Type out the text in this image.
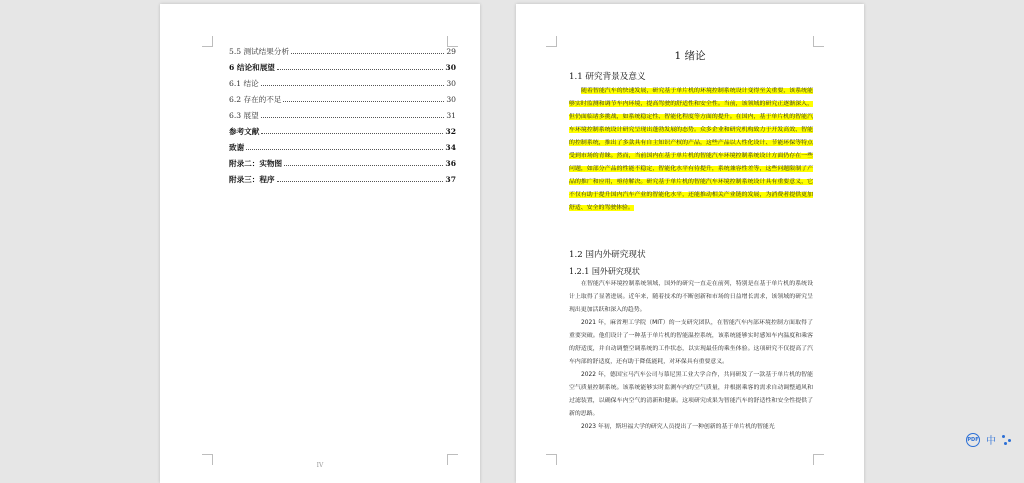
5.5 测试结果分析	29
6 结论和展望	30
6.1 结论	30
6.2 存在的不足	30
6.3 展望	31
参考文献	32
致谢	34
附录二：实物图	36
附录三：程序	37
IV
1 绪论
1.1 研究背景及意义

随着智能汽车的快速发展，研究基于单片机的环境控制系统设计变得至关重要，该系统能够实时监测和调节车内环境，提高驾驶的舒适性和安全性。当前，该领域的研究正逐渐深入，但仍面临诸多挑战，如系统稳定性、智能化程度等方面的提升。在国内，基于单片机的智能汽车环境控制系统设计研究呈现出蓬勃发展的态势。众多企业和研究机构致力于开发高效、智能的控制系统，推出了多款具有自主知识产权的产品，这些产品以人性化设计、节能环保等特点受到市场的青睐。然而，当前国内在基于单片机的智能汽车环境控制系统设计方面仍存在一些问题，如部分产品的性能不稳定，智能化水平有待提升，系统兼容性差等，这些问题限制了产品的推广和应用，亟待解决。研究基于单片机的智能汽车环境控制系统设计具有重要意义，它不仅有助于提升国内汽车产业的智能化水平，还能推动相关产业链的发展，为消费者提供更加舒适、安全的驾驶体验。

1.2 国内外研究现状
1.2.1 国外研究现状

在智能汽车环境控制系统领域，国外的研究一直走在前列，特别是在基于单片机的系统设计上取得了显著进展。近年来，随着技术的不断创新和市场的日益增长需求，该领域的研究呈现出更加活跃和深入的趋势。

2021 年，麻省理工学院（MIT）的一支研究团队，在智能汽车内部环境控制方面取得了重要突破。他们设计了一种基于单片机的智能温控系统，该系统能够实时感知车内温度和乘客的舒适度，并自动调整空调系统的工作状态，以实现最佳的乘坐体验。这项研究不仅提高了汽车内部的舒适度，还有助于降低能耗，对环保具有重要意义。

2022 年，德国宝马汽车公司与慕尼黑工业大学合作，共同研发了一款基于单片机的智能空气质量控制系统。该系统能够实时监测车内的空气质量，并根据乘客的需求自动调整通风和过滤装置，以确保车内空气的清新和健康。这项研究成果为智能汽车的舒适性和安全性提供了新的思路。

2023 年初，斯坦福大学的研究人员提出了一种创新的基于单片机的智能光

PDF 中
